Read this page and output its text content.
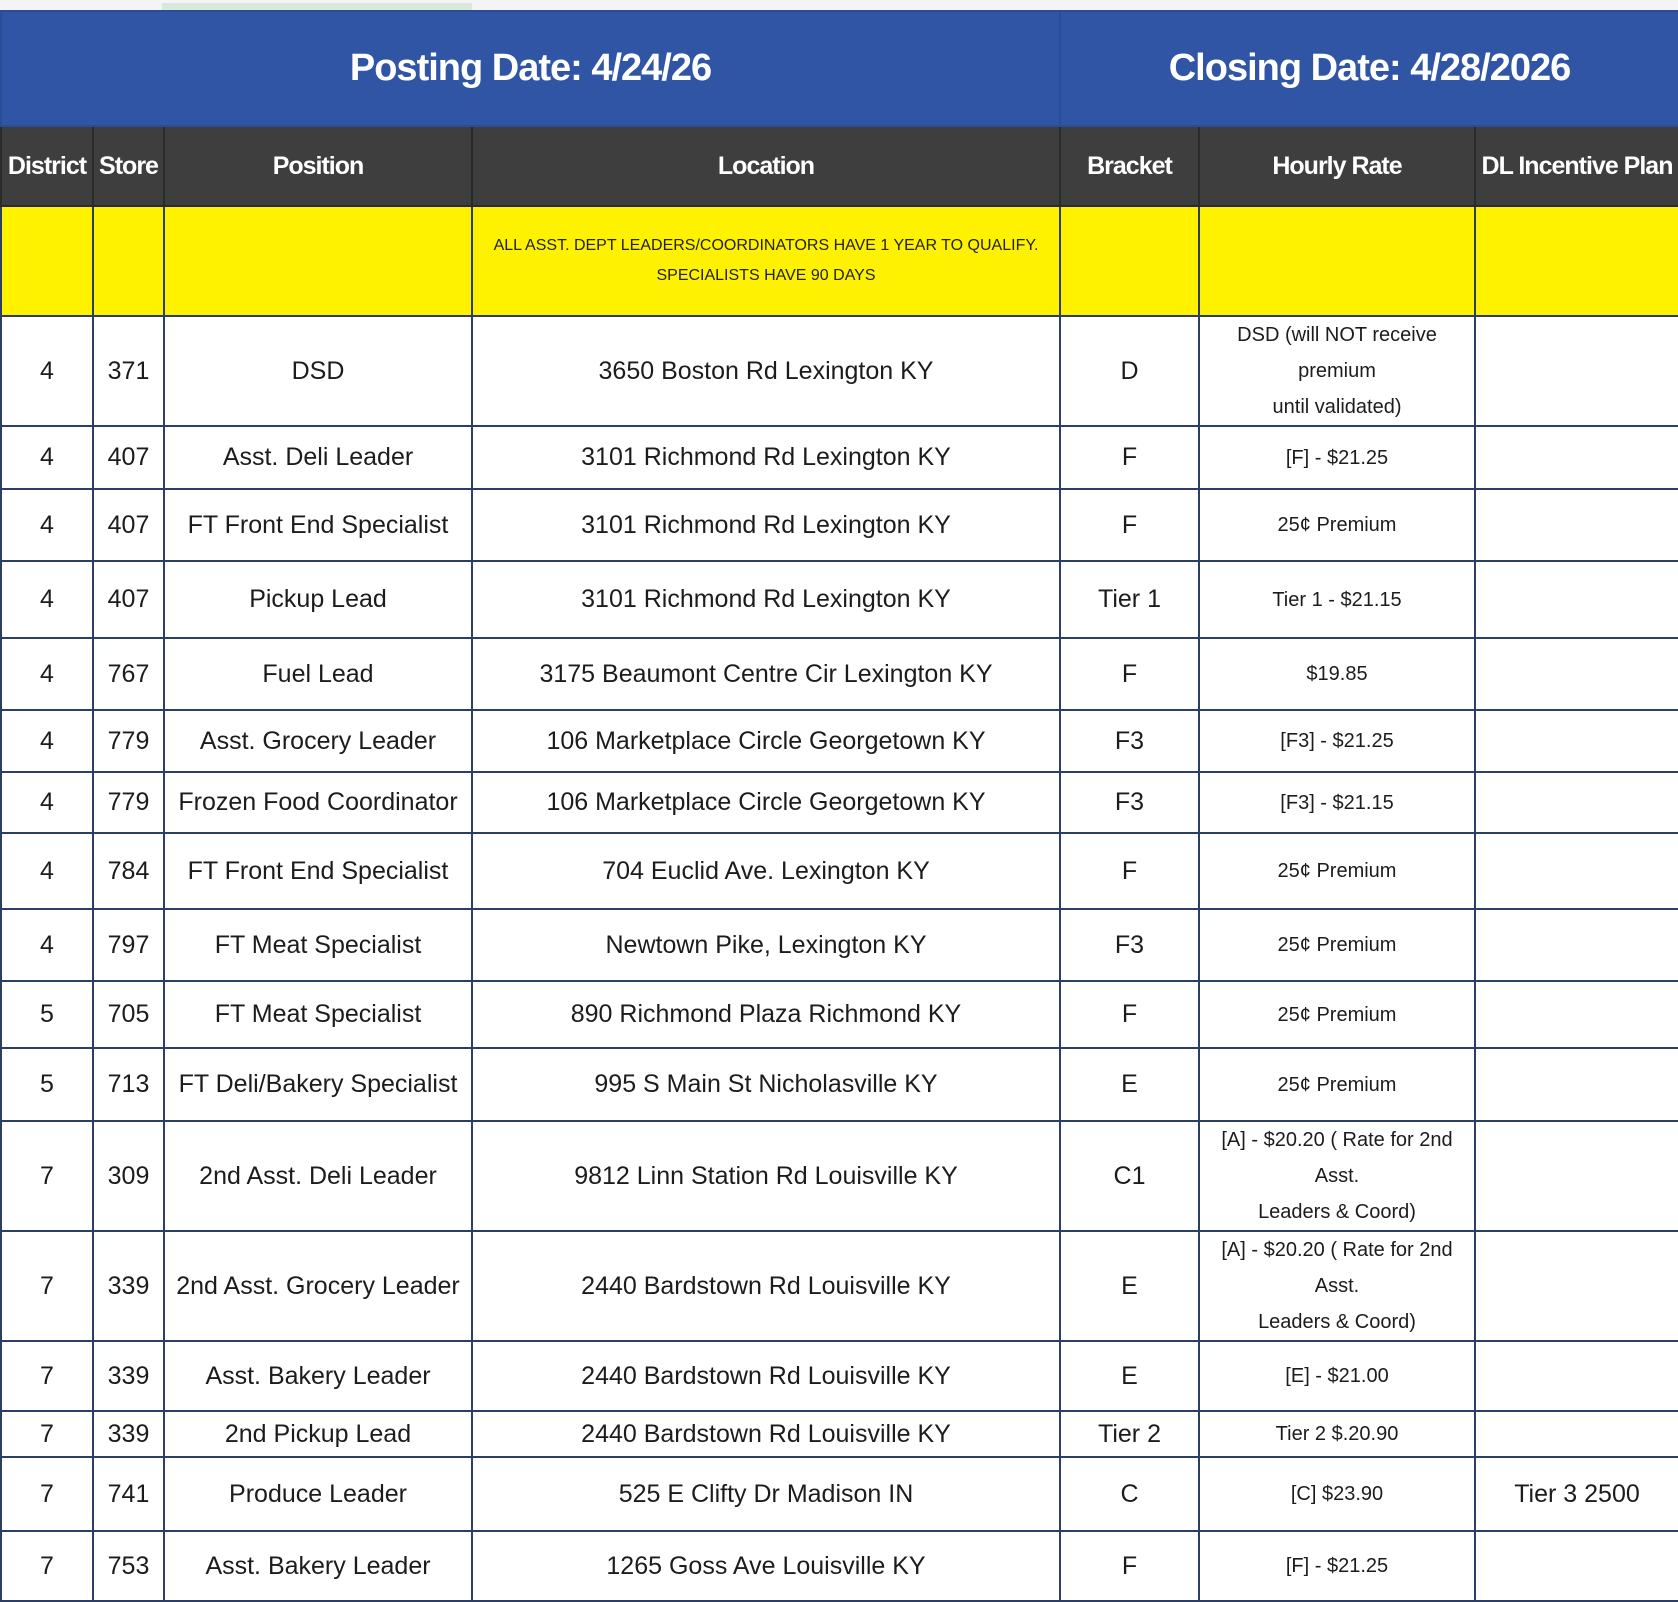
Posting Date: 4/24/26				Closing Date: 4/28/2026		
District	Store	Position	Location	Bracket	Hourly Rate	DL Incentive Plan

			ALL ASST. DEPT LEADERS/COORDINATORS HAVE 1 YEAR TO QUALIFY.
SPECIALISTS HAVE 90 DAYS			

4	371	DSD	3650 Boston Rd Lexington KY	D	DSD (will NOT receive premium
until validated)	

4	407	Asst. Deli Leader	3101 Richmond Rd Lexington KY	F	[F] - $21.25	

4	407	FT Front End Specialist	3101 Richmond Rd Lexington KY	F	25¢ Premium	

4	407	Pickup Lead	3101 Richmond Rd Lexington KY	Tier 1	Tier 1 - $21.15	

4	767	Fuel Lead	3175 Beaumont Centre Cir Lexington KY	F	$19.85	

4	779	Asst. Grocery Leader	106 Marketplace Circle Georgetown KY	F3	[F3] - $21.25	

4	779	Frozen Food Coordinator	106 Marketplace Circle Georgetown KY	F3	[F3] - $21.15	

4	784	FT Front End Specialist	704 Euclid Ave. Lexington KY	F	25¢ Premium	

4	797	FT Meat Specialist	Newtown Pike, Lexington KY	F3	25¢ Premium	

5	705	FT Meat Specialist	890 Richmond Plaza Richmond KY	F	25¢ Premium	

5	713	FT Deli/Bakery Specialist	995 S Main St Nicholasville KY	E	25¢ Premium	

7	309	2nd Asst. Deli Leader	9812 Linn Station Rd Louisville KY	C1	[A] - $20.20 ( Rate for 2nd Asst.
Leaders & Coord)	

7	339	2nd Asst. Grocery Leader	2440 Bardstown Rd Louisville KY	E	[A] - $20.20 ( Rate for 2nd Asst.
Leaders & Coord)	

7	339	Asst. Bakery Leader	2440 Bardstown Rd Louisville KY	E	[E] - $21.00	

7	339	2nd Pickup Lead	2440 Bardstown Rd Louisville KY	Tier 2	Tier 2 $.20.90	

7	741	Produce Leader	525 E Clifty Dr Madison IN	C	[C] $23.90	Tier 3 2500
7	753	Asst. Bakery Leader	1265 Goss Ave Louisville KY	F	[F] - $21.25	
